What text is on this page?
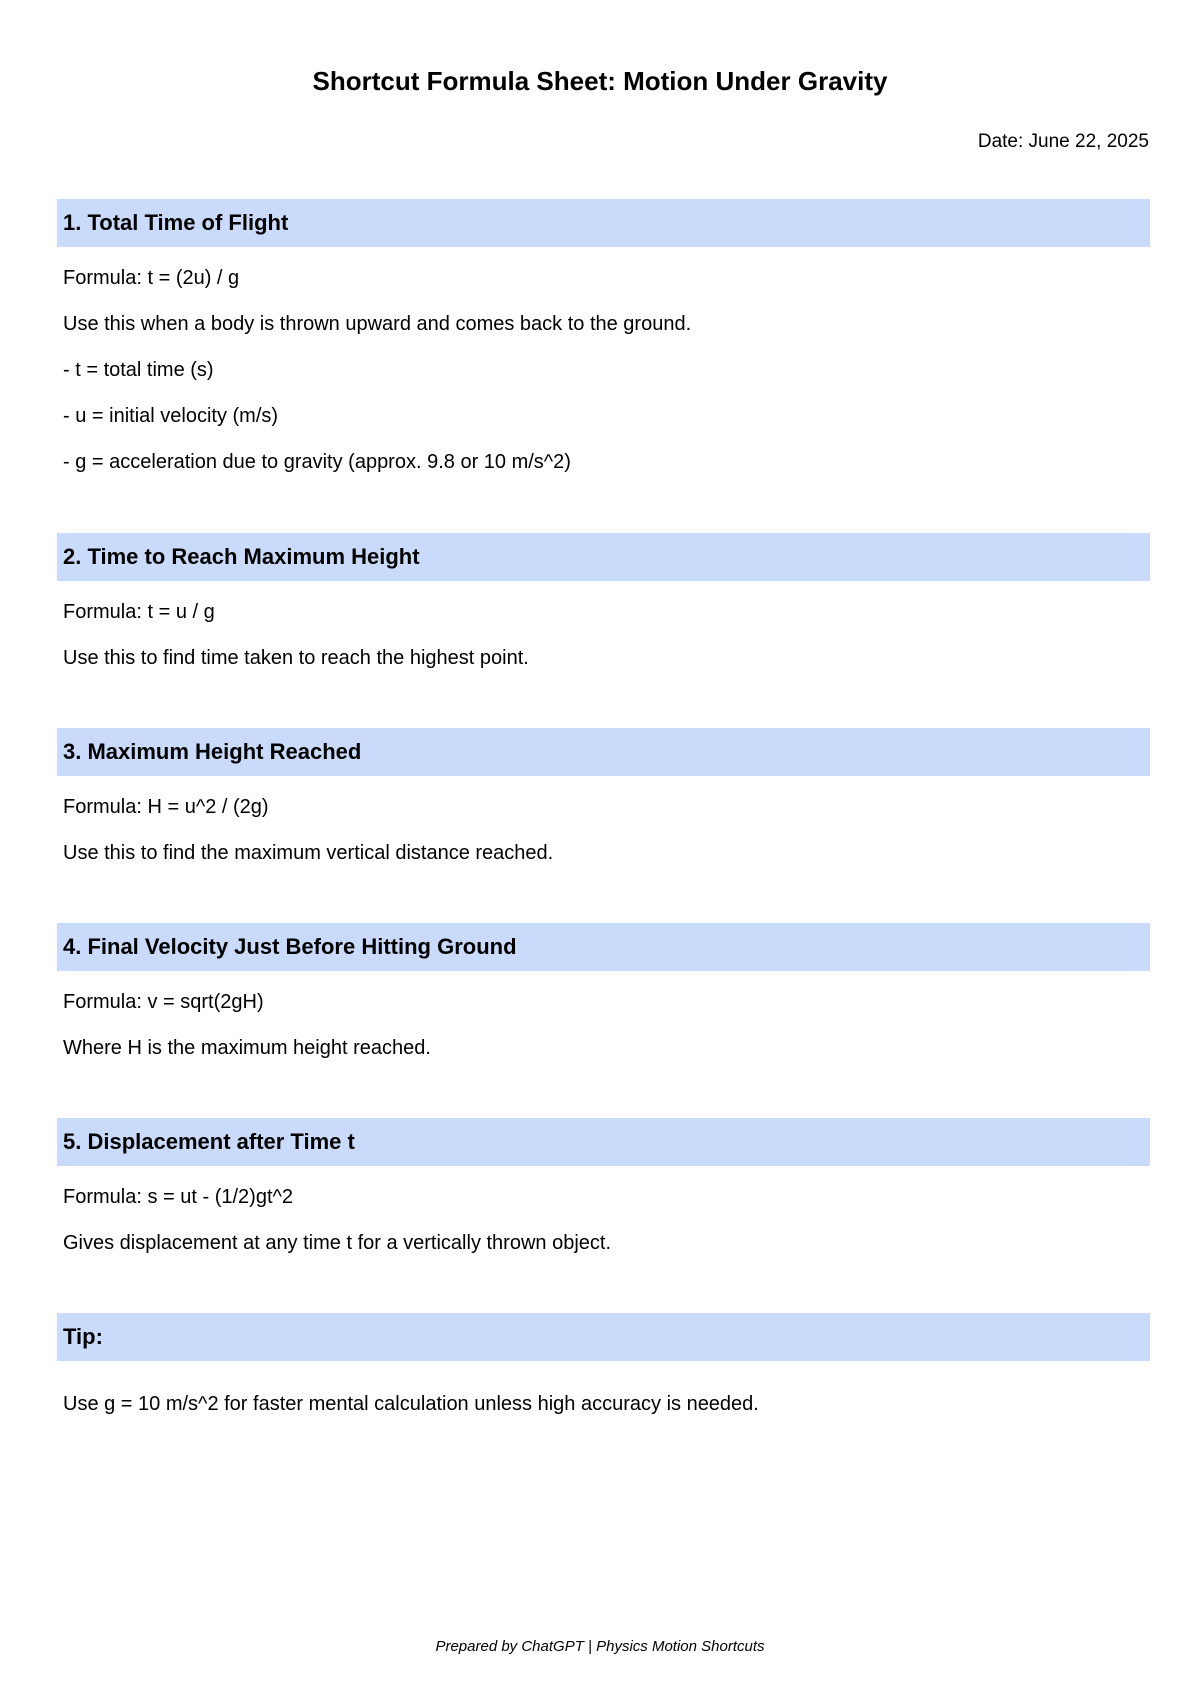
Shortcut Formula Sheet: Motion Under Gravity
Date: June 22, 2025
1. Total Time of Flight
Formula: t = (2u) / g
Use this when a body is thrown upward and comes back to the ground.
- t = total time (s)
- u = initial velocity (m/s)
- g = acceleration due to gravity (approx. 9.8 or 10 m/s^2)
2. Time to Reach Maximum Height
Formula: t = u / g
Use this to find time taken to reach the highest point.
3. Maximum Height Reached
Formula: H = u^2 / (2g)
Use this to find the maximum vertical distance reached.
4. Final Velocity Just Before Hitting Ground
Formula: v = sqrt(2gH)
Where H is the maximum height reached.
5. Displacement after Time t
Formula: s = ut - (1/2)gt^2
Gives displacement at any time t for a vertically thrown object.
Tip:
Use g = 10 m/s^2 for faster mental calculation unless high accuracy is needed.
Prepared by ChatGPT | Physics Motion Shortcuts
